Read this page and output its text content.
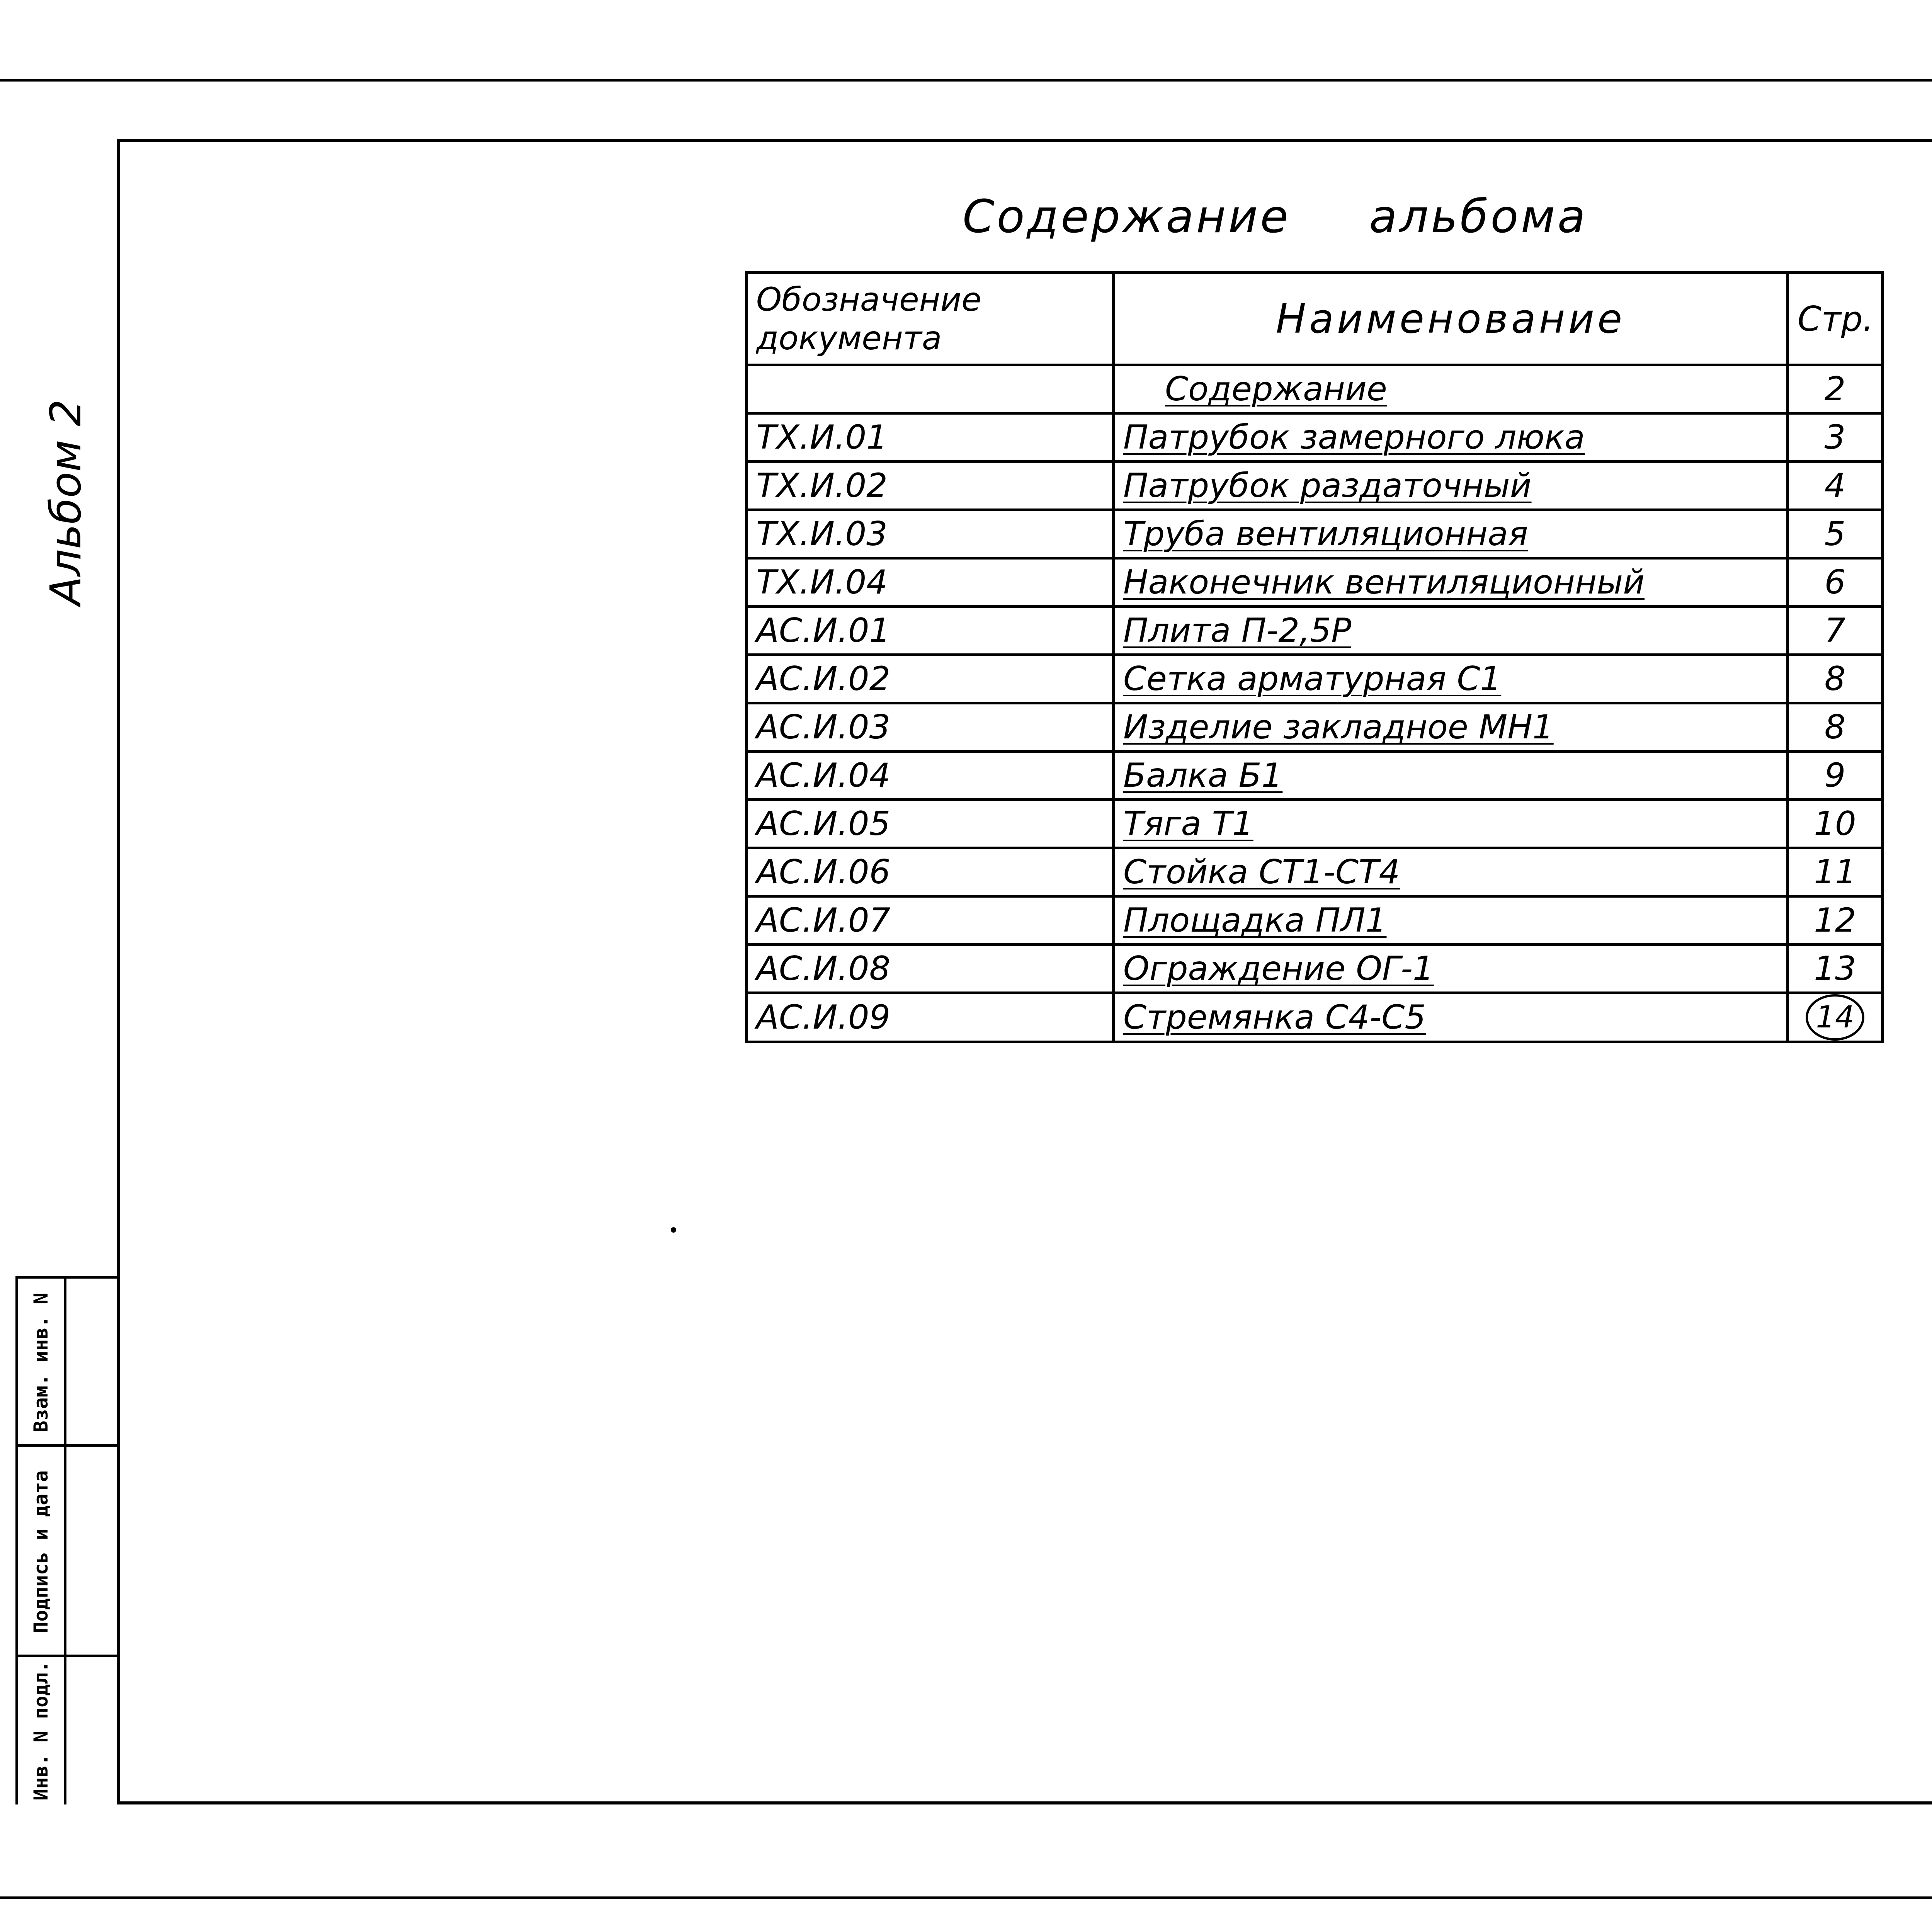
Альбом 2
Содержание альбома
Обозначение документа	Наименование	Стр.
	Содержание	2
ТХ.И.01	Патрубок замерного люка	3
ТХ.И.02	Патрубок раздаточный	4
ТХ.И.03	Труба вентиляционная	5
ТХ.И.04	Наконечник вентиляционный	6
АС.И.01	Плита П-2,5Р	7
АС.И.02	Сетка арматурная С1	8
АС.И.03	Изделие закладное МН1	8
АС.И.04	Балка Б1	9
АС.И.05	Тяга Т1	10
АС.И.06	Стойка СТ1-СТ4	11
АС.И.07	Площадка ПЛ1	12
АС.И.08	Ограждение ОГ-1	13
АС.И.09	Стремянка С4-С5	14
Взам. инв. N
Подпись и дата
Инв. N подл.
